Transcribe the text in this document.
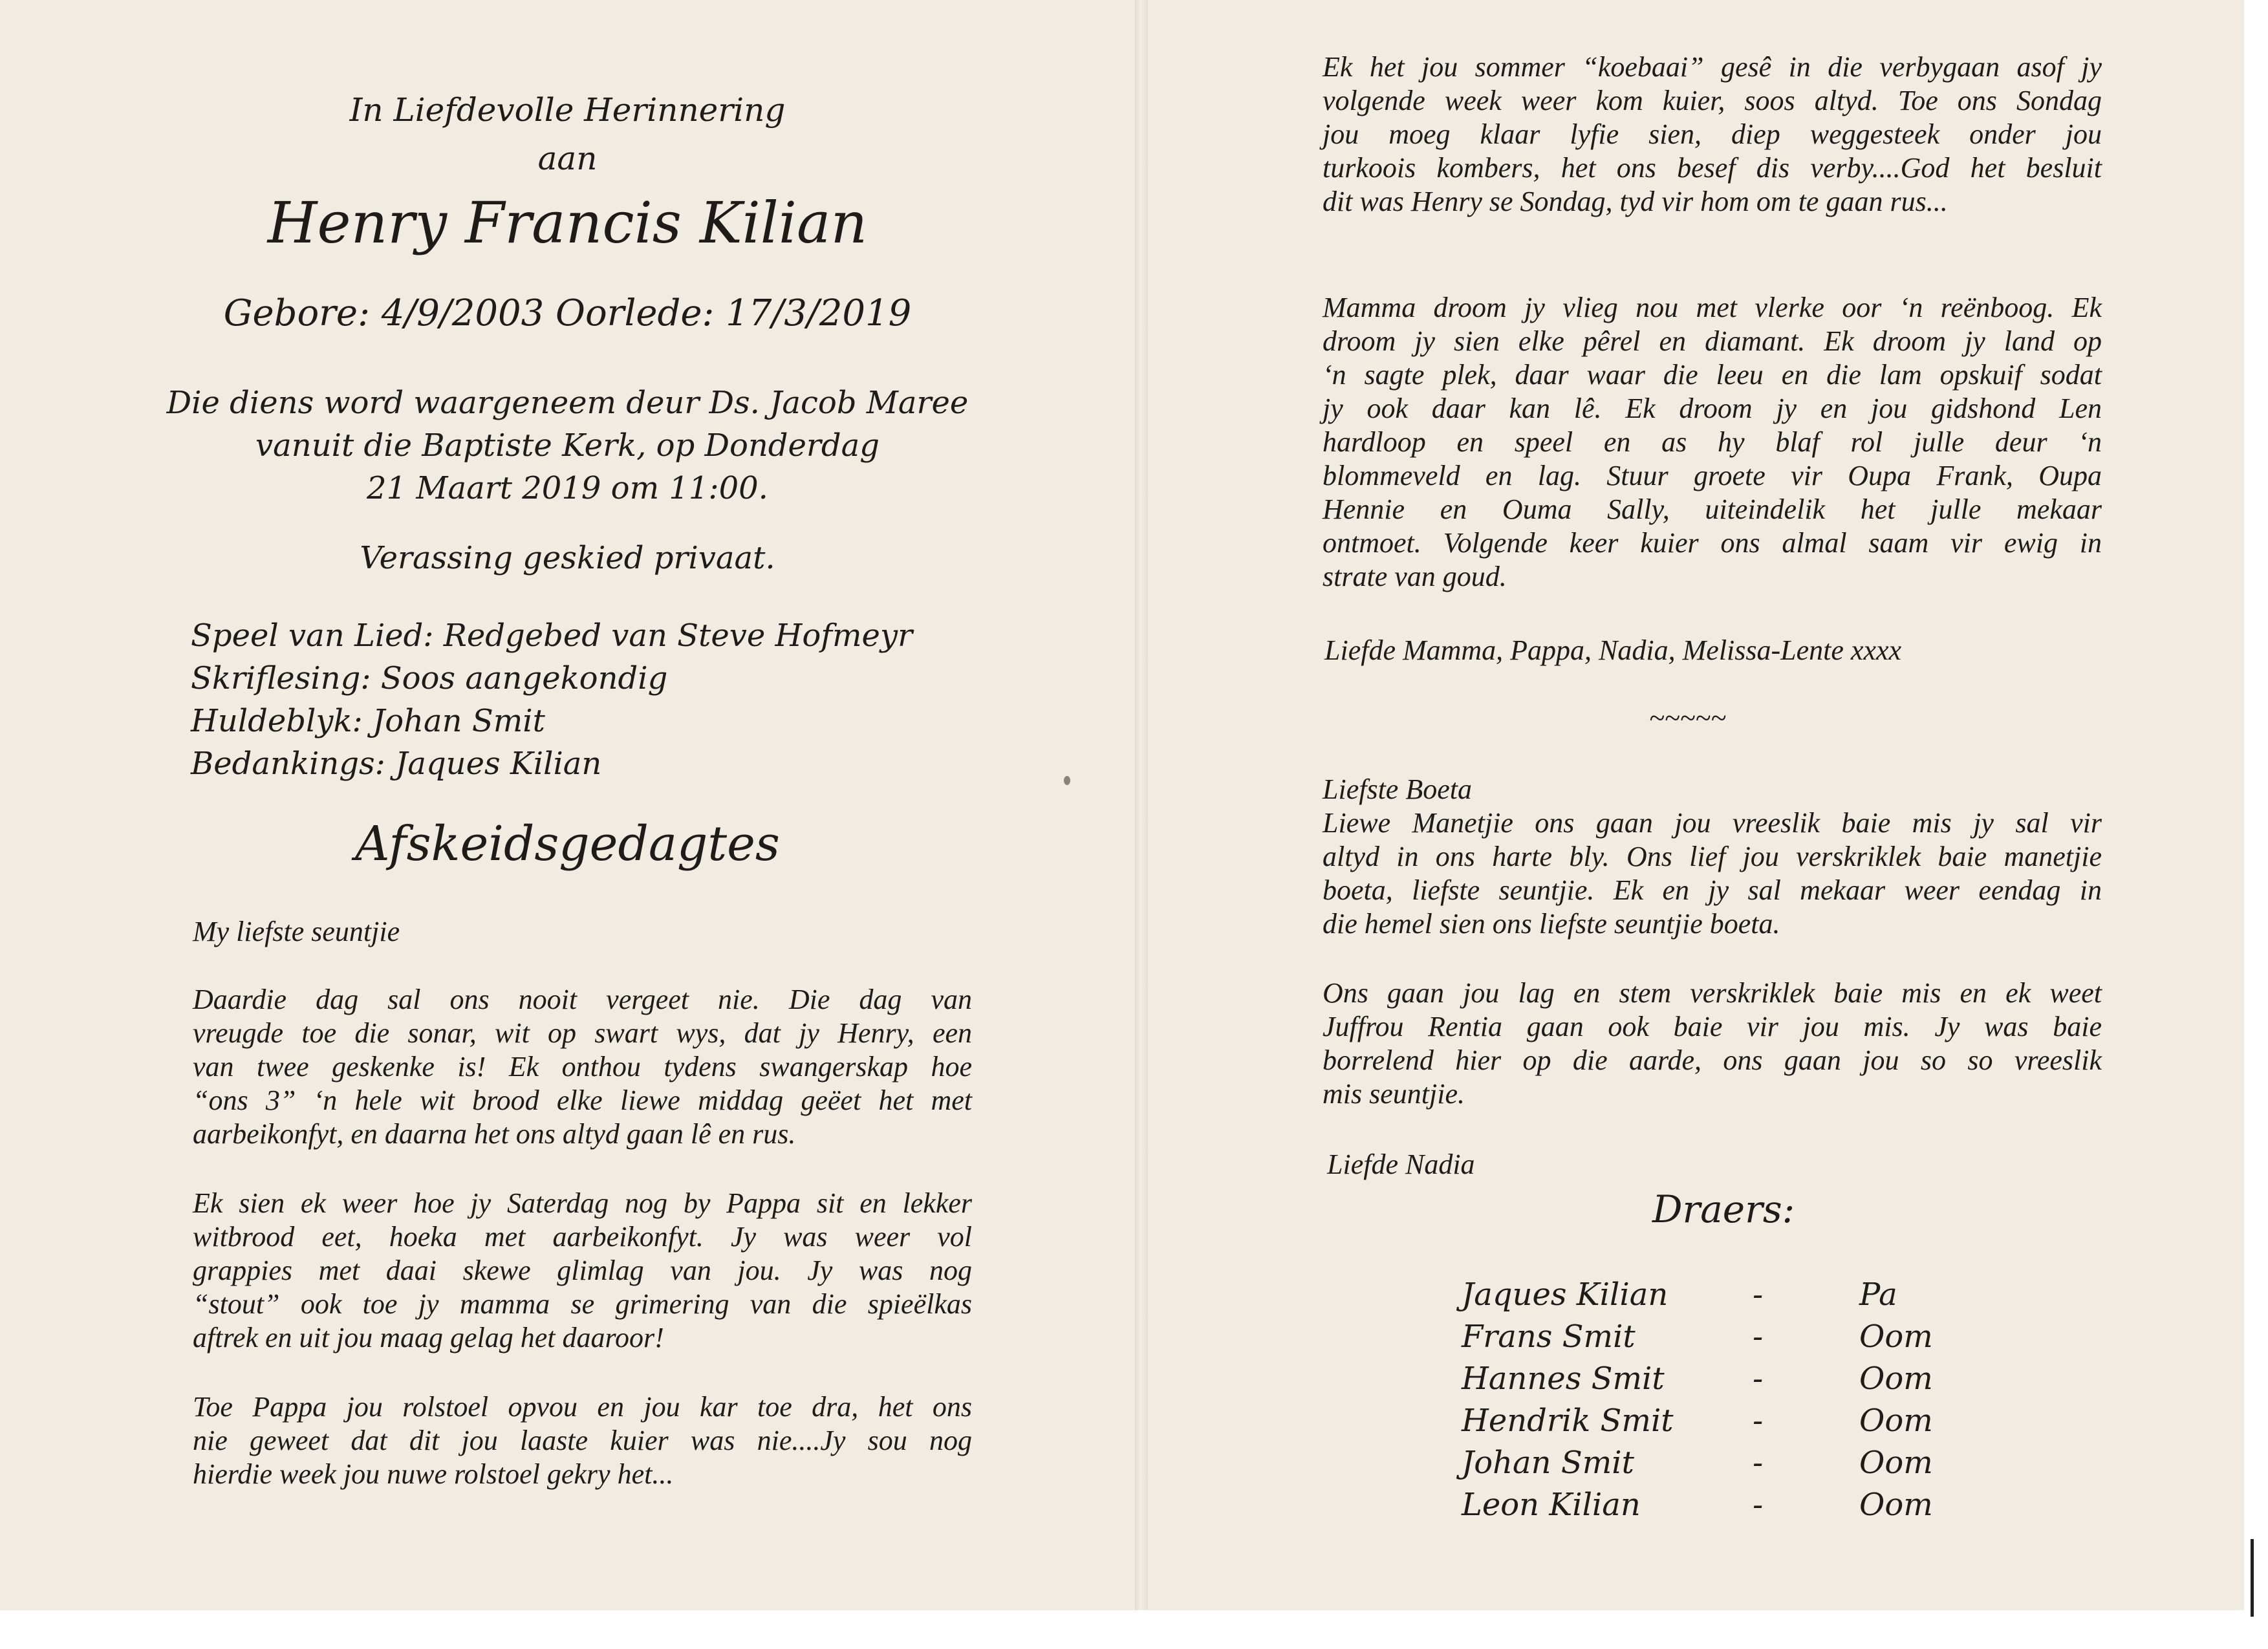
In Liefdevolle Herinnering
aan
Henry Francis Kilian
Gebore: 4/9/2003 Oorlede: 17/3/2019
Die diens word waargeneem deur Ds. Jacob Maree
vanuit die Baptiste Kerk, op Donderdag
21 Maart 2019 om 11:00.
Verassing geskied privaat.
Speel van Lied: Redgebed van Steve Hofmeyr
Skriflesing: Soos aangekondig
Huldeblyk: Johan Smit
Bedankings: Jaques Kilian
Afskeidsgedagtes
My liefste seuntjie
Daardie dag sal ons nooit vergeet nie. Die dag van
vreugde toe die sonar, wit op swart wys, dat jy Henry, een
van twee geskenke is! Ek onthou tydens swangerskap hoe
“ons 3” ‘n hele wit brood elke liewe middag geëet het met
aarbeikonfyt, en daarna het ons altyd gaan lê en rus.
Ek sien ek weer hoe jy Saterdag nog by Pappa sit en lekker
witbrood eet, hoeka met aarbeikonfyt. Jy was weer vol
grappies met daai skewe glimlag van jou. Jy was nog
“stout” ook toe jy mamma se grimering van die spieëlkas
aftrek en uit jou maag gelag het daaroor!
Toe Pappa jou rolstoel opvou en jou kar toe dra, het ons
nie geweet dat dit jou laaste kuier was nie....Jy sou nog
hierdie week jou nuwe rolstoel gekry het...
Ek het jou sommer “koebaai” gesê in die verbygaan asof jy
volgende week weer kom kuier, soos altyd. Toe ons Sondag
jou moeg klaar lyfie sien, diep weggesteek onder jou
turkoois kombers, het ons besef dis verby....God het besluit
dit was Henry se Sondag, tyd vir hom om te gaan rus...
Mamma droom jy vlieg nou met vlerke oor ‘n reënboog. Ek
droom jy sien elke pêrel en diamant. Ek droom jy land op
‘n sagte plek, daar waar die leeu en die lam opskuif sodat
jy ook daar kan lê. Ek droom jy en jou gidshond Len
hardloop en speel en as hy blaf rol julle deur ‘n
blommeveld en lag. Stuur groete vir Oupa Frank, Oupa
Hennie en Ouma Sally, uiteindelik het julle mekaar
ontmoet. Volgende keer kuier ons almal saam vir ewig in
strate van goud.
Liefde Mamma, Pappa, Nadia, Melissa-Lente xxxx
~~~~~
Liefste Boeta
Liewe Manetjie ons gaan jou vreeslik baie mis jy sal vir
altyd in ons harte bly. Ons lief jou verskriklek baie manetjie
boeta, liefste seuntjie. Ek en jy sal mekaar weer eendag in
die hemel sien ons liefste seuntjie boeta.
Ons gaan jou lag en stem verskriklek baie mis en ek weet
Juffrou Rentia gaan ook baie vir jou mis. Jy was baie
borrelend hier op die aarde, ons gaan jou so so vreeslik
mis seuntjie.
Liefde Nadia
Draers:
Jaques Kilian	-	Pa
Frans Smit	-	Oom
Hannes Smit	-	Oom
Hendrik Smit	-	Oom
Johan Smit	-	Oom
Leon Kilian	-	Oom
